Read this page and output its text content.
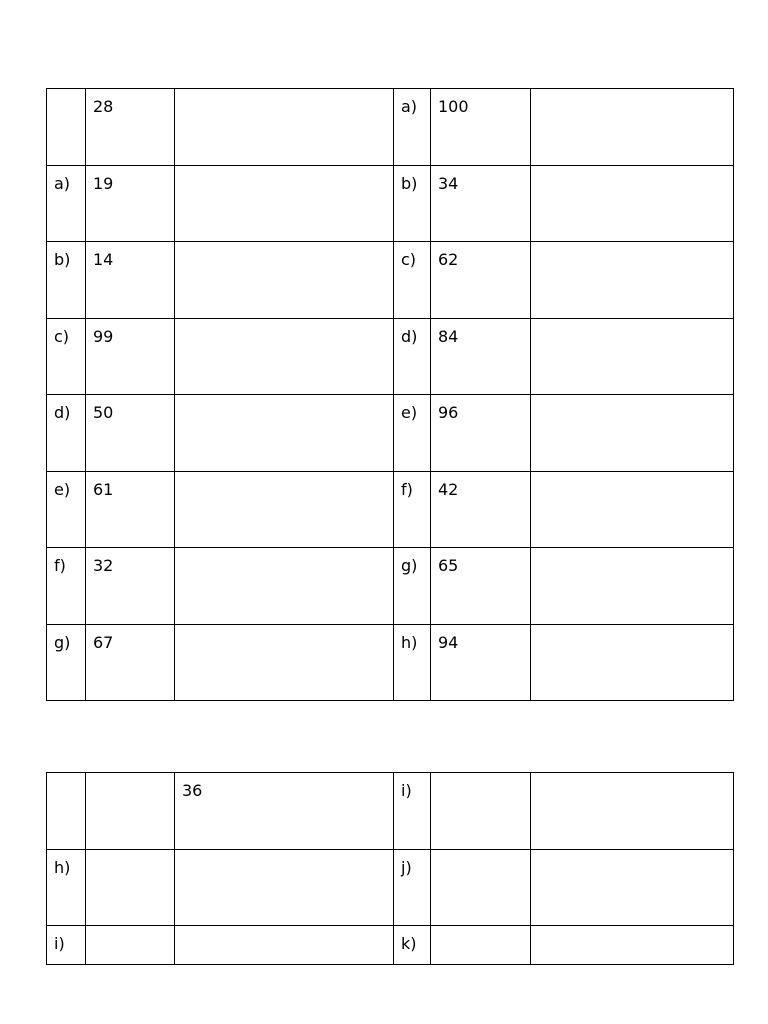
	28		a)	100	
a)	19		b)	34	
b)	14		c)	62	
c)	99		d)	84	
d)	50		e)	96	
e)	61		f)	42	
f)	32		g)	65	
g)	67		h)	94	
		36	i)		
h)			j)		
i)			k)		
